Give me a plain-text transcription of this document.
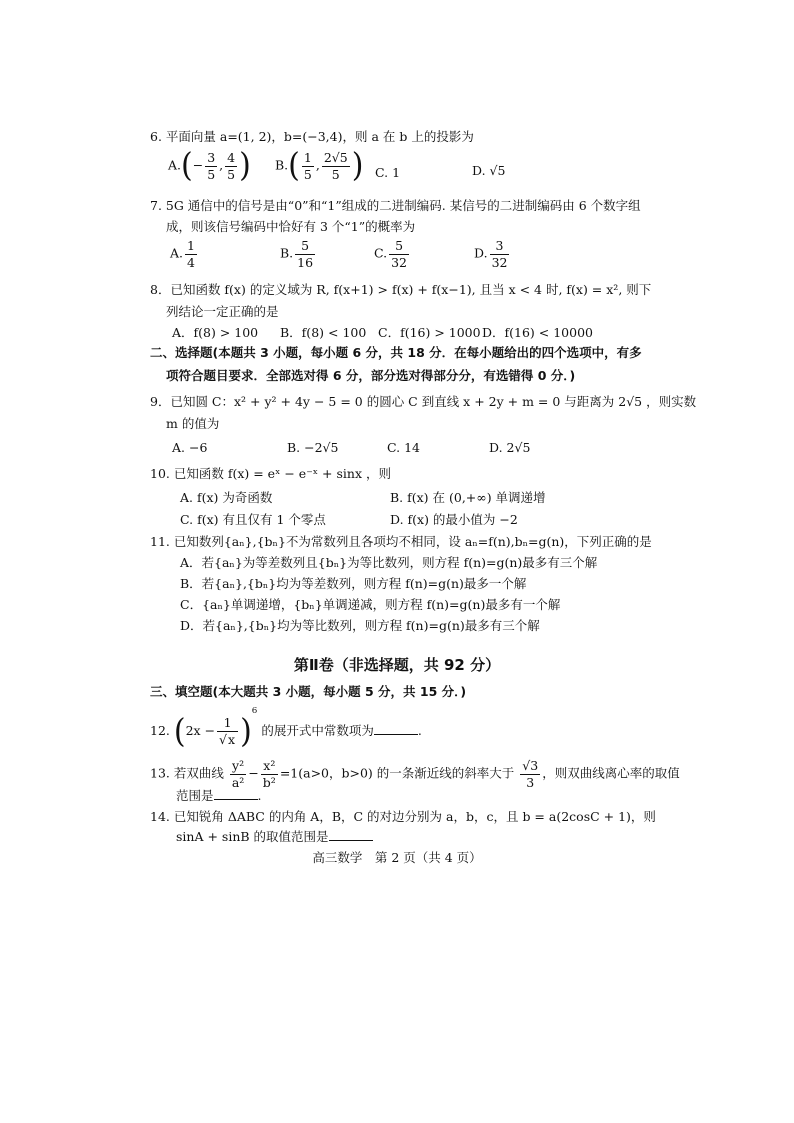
6. 平面向量 a=(1, 2)，b=(−3,4)，则 a 在 b 上的投影为
$A.(- \frac{3}{5}$ , $\frac{4}{5}$ ) $B.( \frac{1}{5}$ , $\frac{2√5}{5}$ ) C. 1	D. √5
7. 5G 通信中的信号是由“0”和“1”组成的二进制编码. 某信号的二进制编码由 6 个数字组
成，则该信号编码中恰好有 3 个“1”的概率为
A. $\frac{1}{4}$	B. $\frac{5}{16}$	C. $\frac{5}{32}$	D. $\frac{3}{32}$
8．已知函数 f(x) 的定义域为 R, f(x+1) > f(x) + f(x−1), 且当 x < 4 时, f(x) = x², 则下
列结论一定正确的是
A．f(8) > 100 B．f(8) < 100 C．f(16) > 1000 D．f(16) < 10000
二、选择题(本题共 3 小题，每小题 6 分，共 18 分．在每小题给出的四个选项中，有多
项符合题目要求．全部选对得 6 分，部分选对得部分分，有选错得 0 分．)
9．已知圆 C：x² + y² + 4y − 5 = 0 的圆心 C 到直线 x + 2y + m = 0 与距离为 2√5 ，则实数
m 的值为
A. −6	B. −2√5	C. 14	D. 2√5
10. 已知函数 f(x) = eˣ − e⁻ˣ + sinx ，则
A. f(x) 为奇函数	B. f(x) 在 (0,+∞) 单调递增
C. f(x) 有且仅有 1 个零点	D. f(x) 的最小值为 −2
11. 已知数列{aₙ},{bₙ}不为常数列且各项均不相同，设 aₙ=f(n),bₙ=g(n)，下列正确的是
A．若{aₙ}为等差数列且{bₙ}为等比数列，则方程 f(n)=g(n)最多有三个解
B．若{aₙ},{bₙ}均为等差数列，则方程 f(n)=g(n)最多一个解
C．{aₙ}单调递增，{bₙ}单调递减，则方程 f(n)=g(n)最多有一个解
D．若{aₙ},{bₙ}均为等比数列，则方程 f(n)=g(n)最多有三个解
第Ⅱ卷（非选择题，共 92 分）
三、填空题(本大题共 3 小题，每小题 5 分，共 15 分．)
12. $(2x - \frac{1}{√x} )^6$ 的展开式中常数项为	.
13. 若双曲线 $\frac{\text{y²}}{\text{a²}} - \frac{\text{x²}}{\text{b²}} =1(a>0$，b>0) 的一条渐近线的斜率大于 $\frac{√3}{3}$ ，则双曲线离心率的取值
范围是	.
14. 已知锐角 ΔABC 的内角 A，B，C 的对边分别为 a，b，c，且 b = a(2cosC + 1)，则
sinA + sinB 的取值范围是
高三数学　第 2 页（共 4 页）
